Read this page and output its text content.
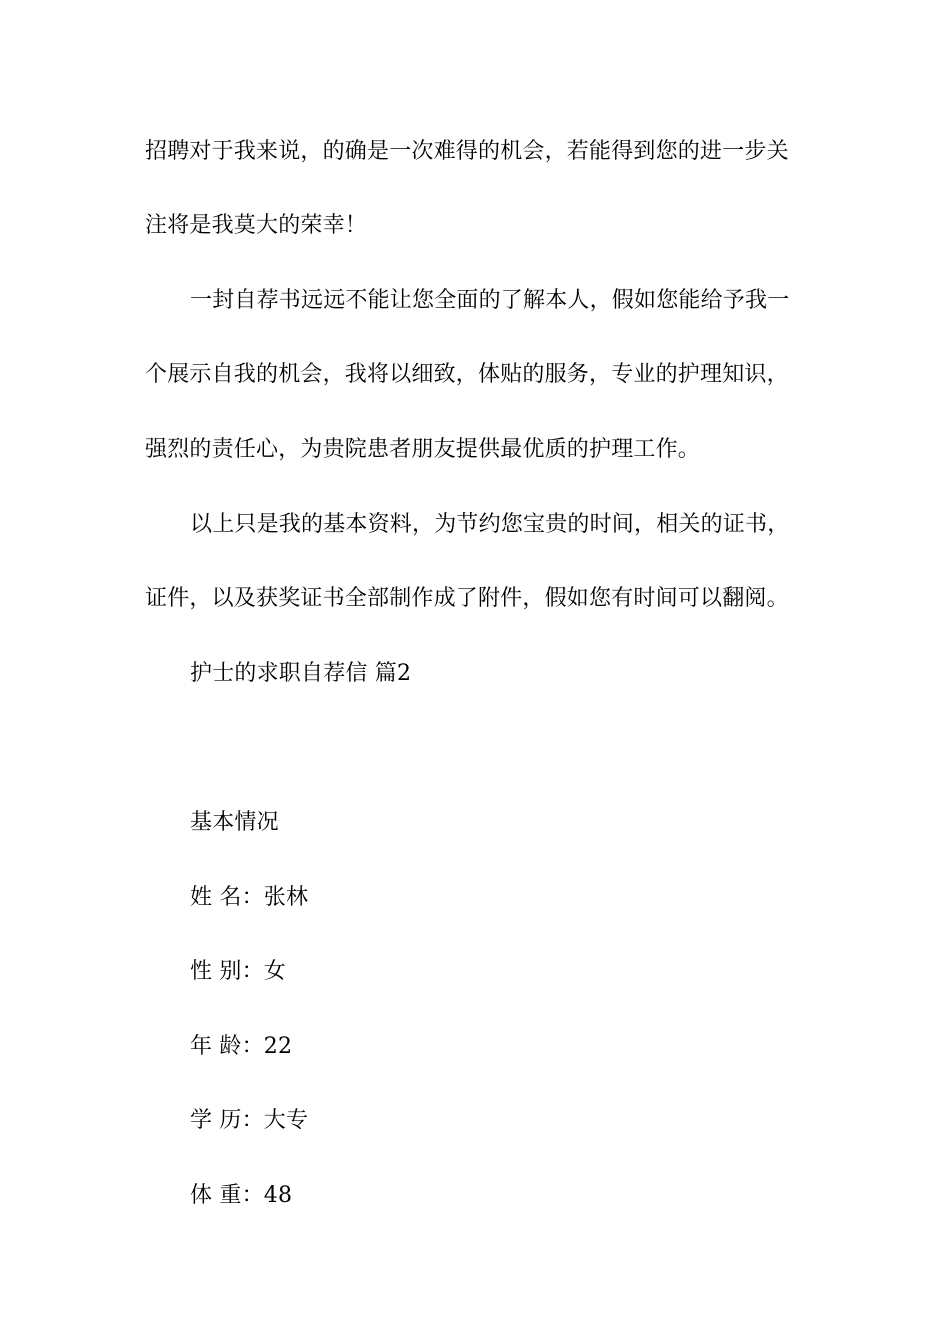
招聘对于我来说，的确是一次难得的机会，若能得到您的进一步关
注将是我莫大的荣幸！
一封自荐书远远不能让您全面的了解本人，假如您能给予我一
个展示自我的机会，我将以细致，体贴的服务，专业的护理知识，
强烈的责任心，为贵院患者朋友提供最优质的护理工作。
以上只是我的基本资料，为节约您宝贵的时间，相关的证书，
证件，以及获奖证书全部制作成了附件，假如您有时间可以翻阅。
护士的求职自荐信 篇2
基本情况
姓 名：张林
性 别：女
年 龄：22
学 历：大专
体 重：48
